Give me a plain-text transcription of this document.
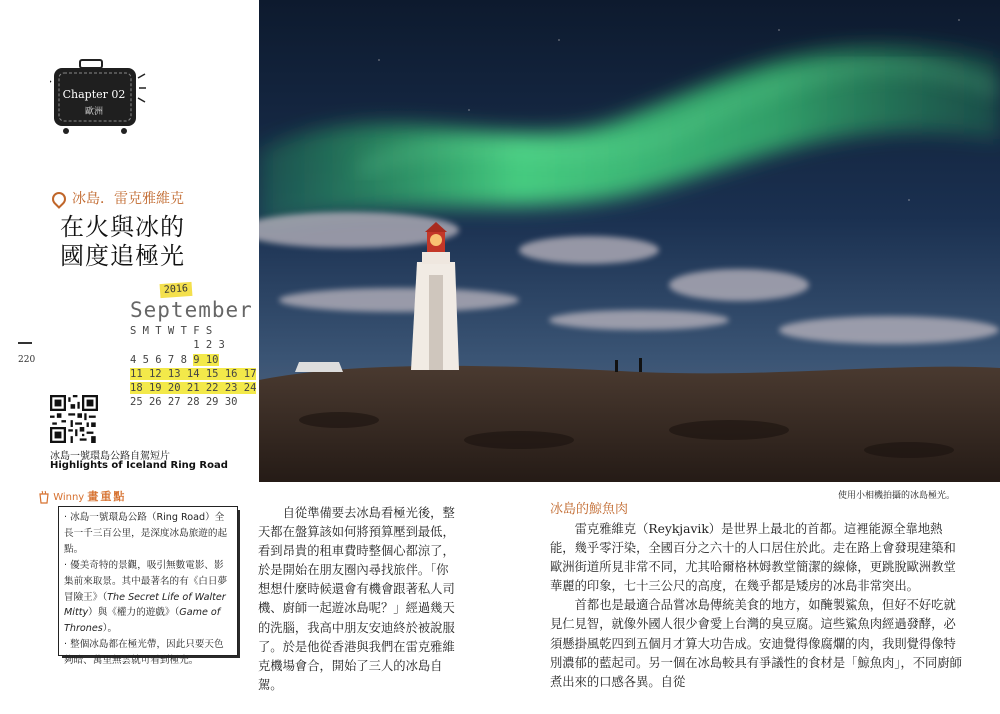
Chapter 02
歐洲
冰島．雷克雅維克
在火與冰的
國度追極光
220
2016
September
S M T W T F S
1 2 3
4 5 6 7 8 9 10
11 12 13 14 15 16 17
18 19 20 21 22 23 24
25 26 27 28 29 30
冰島一號環島公路自駕短片
Highlights of Iceland Ring Road
Winny 畫重點
· 冰島一號環島公路（Ring Road）全長一千三百公里，是深度冰島旅遊的起點。
· 優美奇特的景觀，吸引無數電影、影集前來取景。其中最著名的有《白日夢冒險王》（The Secret Life of Walter Mitty）與《權力的遊戲》（Game of Thrones）。
· 整個冰島都在極光帶，因此只要天色夠暗、萬里無雲就可看到極光。
使用小相機拍攝的冰島極光。

自從準備要去冰島看極光後，整天都在盤算該如何將預算壓到最低，看到昂貴的租車費時整個心都涼了，於是開始在朋友圈內尋找旅伴。「你想想什麼時候還會有機會跟著私人司機、廚師一起遊冰島呢？」經過幾天的洗腦，我高中朋友安迪終於被說服了。於是他從香港與我們在雷克雅維克機場會合，開始了三人的冰島自駕。

冰島的鯨魚肉

雷克雅維克（Reykjavik）是世界上最北的首都。這裡能源全靠地熱能，幾乎零汙染，全國百分之六十的人口居住於此。走在路上會發現建築和歐洲街道所見非常不同，尤其哈爾格林姆教堂簡潔的線條，更跳脫歐洲教堂華麗的印象，七十三公尺的高度，在幾乎都是矮房的冰島非常突出。

首都也是最適合品嘗冰島傳統美食的地方，如醃製鯊魚，但好不好吃就見仁見智，就像外國人很少會愛上台灣的臭豆腐。這些鯊魚肉經過發酵，必須懸掛風乾四到五個月才算大功告成。安迪覺得像腐爛的肉，我則覺得像特別濃郁的藍起司。另一個在冰島較具有爭議性的食材是「鯨魚肉」，不同廚師煮出來的口感各異。自從
